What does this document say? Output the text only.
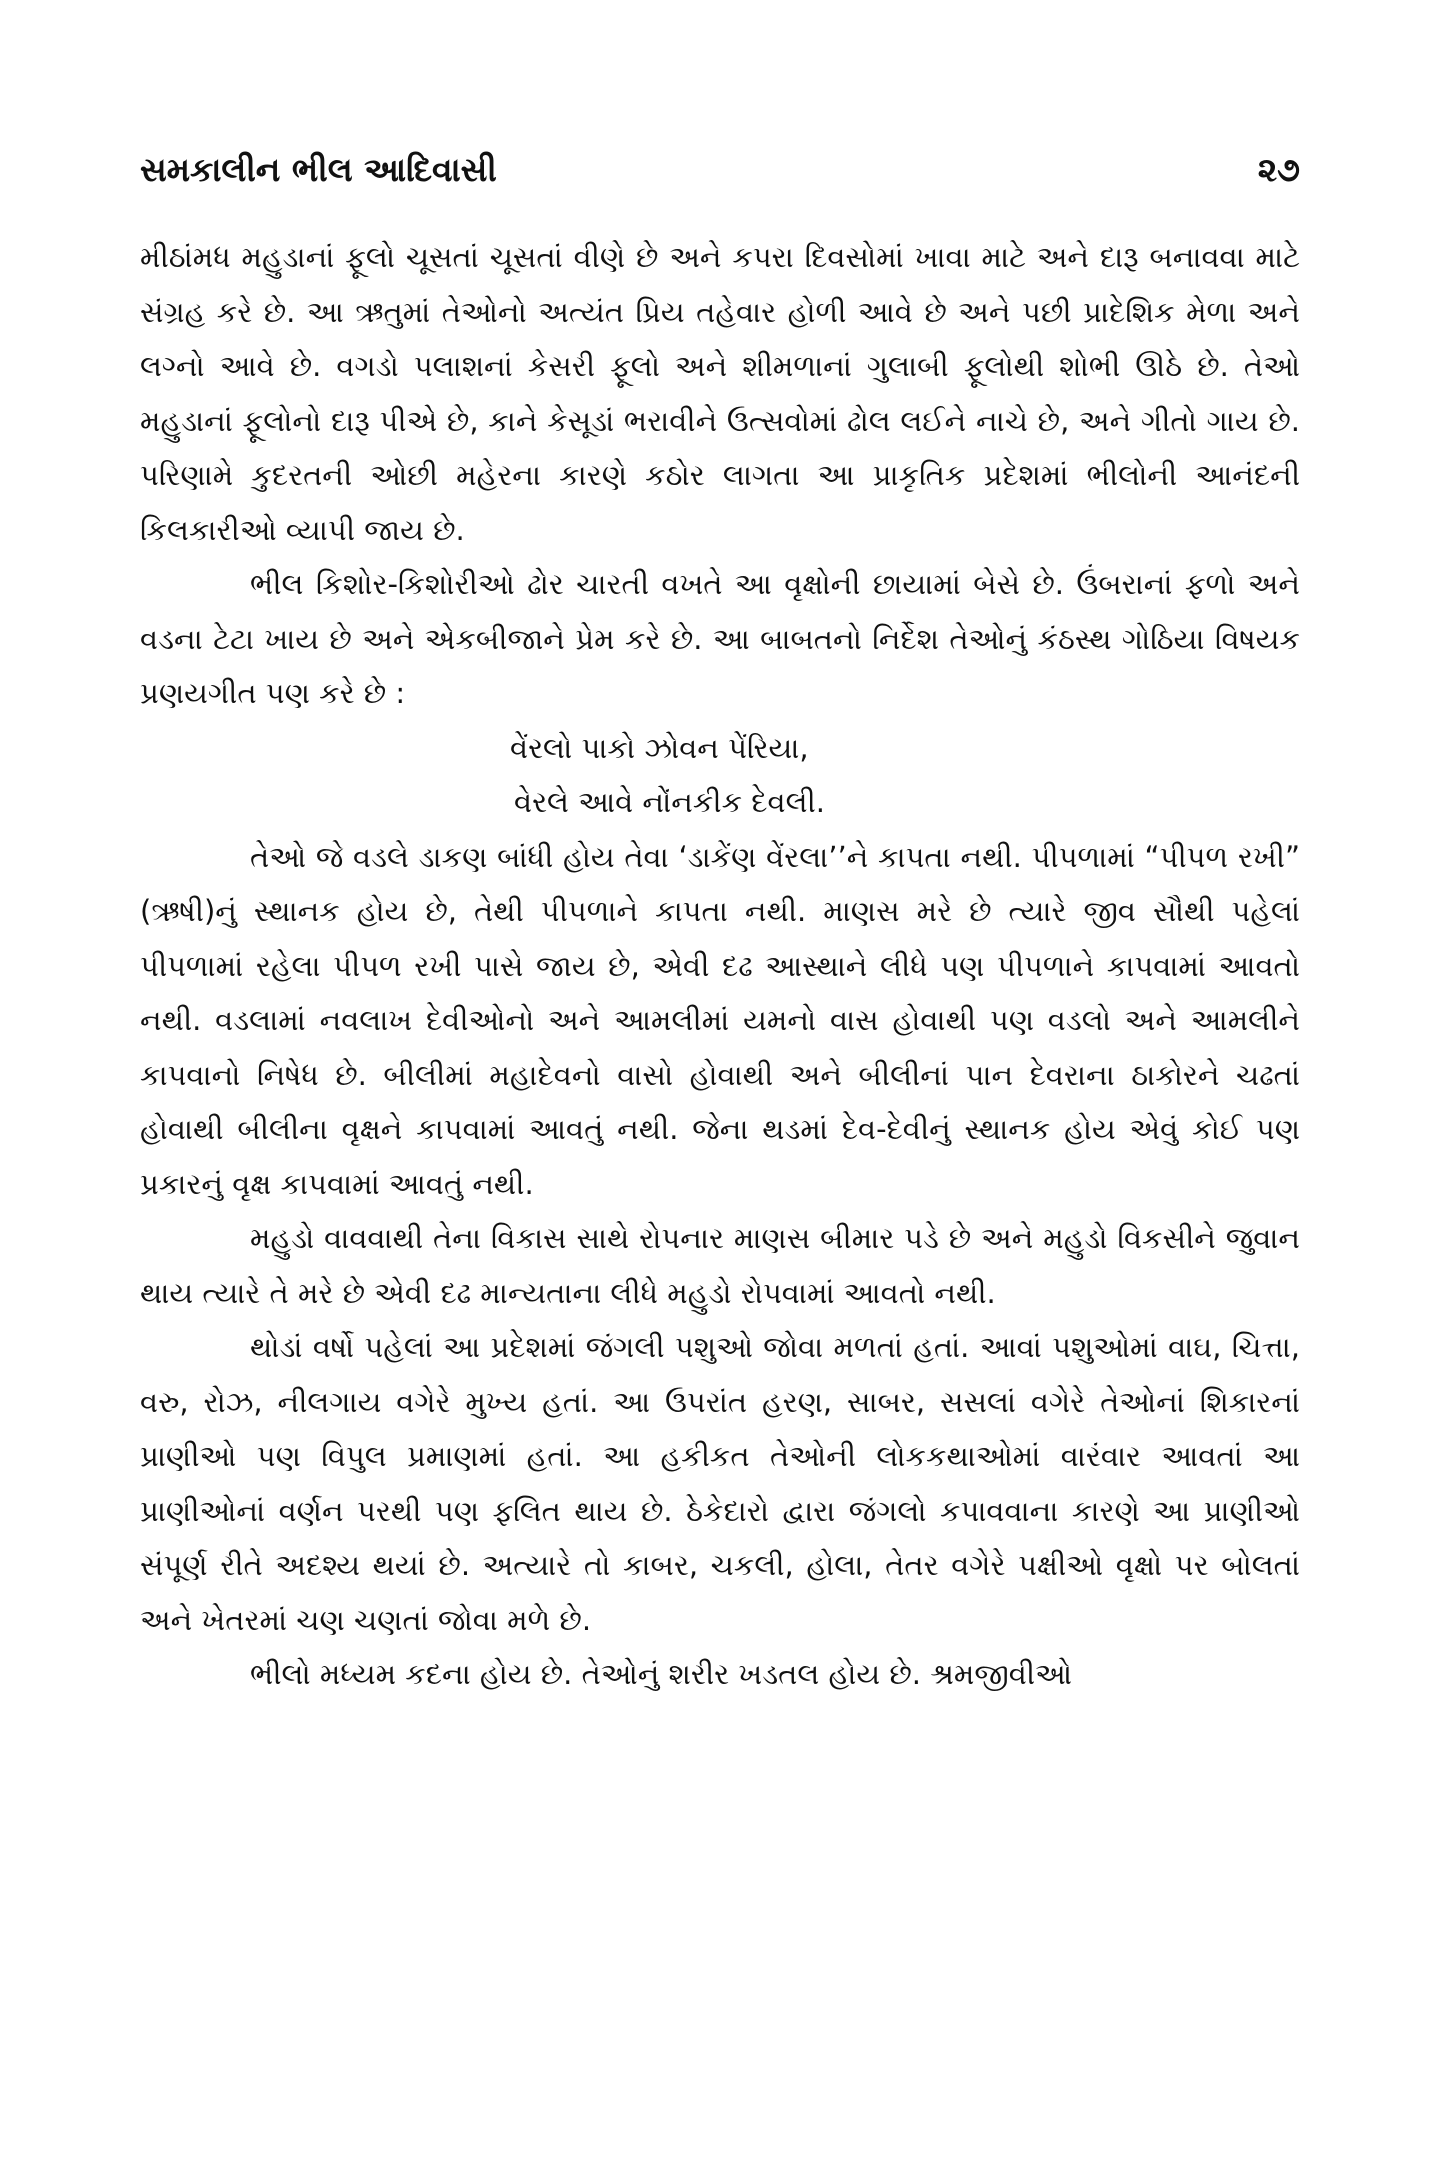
સમકાલીન ભીલ આદિવાસી	૨૭

મીઠાંમધ મહુડાનાં ફૂલો ચૂસતાં ચૂસતાં વીણે છે અને કપરા દિવસોમાં ખાવા માટે અને દારૂ બનાવવા માટે સંગ્રહ કરે છે. આ ઋતુમાં તેઓનો અત્યંત પ્રિય તહેવાર હોળી આવે છે અને પછી પ્રાદેશિક મેળા અને લગ્નો આવે છે. વગડો પલાશનાં કેસરી ફૂલો અને શીમળાનાં ગુલાબી ફૂલોથી શોભી ઊઠે છે. તેઓ મહુડાનાં ફૂલોનો દારૂ પીએ છે, કાને કેસૂડાં ભરાવીને ઉત્સવોમાં ઢોલ લઈને નાચે છે, અને ગીતો ગાય છે. પરિણામે કુદરતની ઓછી મહેરના કારણે કઠોર લાગતા આ પ્રાકૃતિક પ્રદેશમાં ભીલોની આનંદની કિલકારીઓ વ્યાપી જાય છે.

ભીલ કિશોર-કિશોરીઓ ઢોર ચારતી વખતે આ વૃક્ષોની છાયામાં બેસે છે. ઉંબરાનાં ફળો અને વડના ટેટા ખાય છે અને એકબીજાને પ્રેમ કરે છે. આ બાબતનો નિર્દેશ તેઓનું કંઠસ્થ ગોઠિયા વિષયક પ્રણયગીત પણ કરે છે :

વેંરલો પાકો ઝોવન પેંરિયા,
વેરલે આવે નોંનકીક દેવલી.

તેઓ જે વડલે ડાકણ બાંધી હોય તેવા ‘ડાકેંણ વેંરલા’’ને કાપતા નથી. પીપળામાં “પીપળ રખી” (ઋષી)નું સ્થાનક હોય છે, તેથી પીપળાને કાપતા નથી. માણસ મરે છે ત્યારે જીવ સૌથી પહેલાં પીપળામાં રહેલા પીપળ રખી પાસે જાય છે, એવી દઢ આસ્થાને લીધે પણ પીપળાને કાપવામાં આવતો નથી. વડલામાં નવલાખ દેવીઓનો અને આમલીમાં યમનો વાસ હોવાથી પણ વડલો અને આમલીને કાપવાનો નિષેધ છે. બીલીમાં મહાદેવનો વાસો હોવાથી અને બીલીનાં પાન દેવરાના ઠાકોરને ચઢતાં હોવાથી બીલીના વૃક્ષને કાપવામાં આવતું નથી. જેના થડમાં દેવ-દેવીનું સ્થાનક હોય એવું કોઈ પણ પ્રકારનું વૃક્ષ કાપવામાં આવતું નથી.

મહુડો વાવવાથી તેના વિકાસ સાથે રોપનાર માણસ બીમાર પડે છે અને મહુડો વિકસીને જુવાન થાય ત્યારે તે મરે છે એવી દઢ માન્યતાના લીધે મહુડો રોપવામાં આવતો નથી.

થોડાં વર્ષો પહેલાં આ પ્રદેશમાં જંગલી પશુઓ જોવા મળતાં હતાં. આવાં પશુઓમાં વાઘ, ચિત્તા, વરુ, રોઝ, નીલગાય વગેરે મુખ્ય હતાં. આ ઉપરાંત હરણ, સાબર, સસલાં વગેરે તેઓનાં શિકારનાં પ્રાણીઓ પણ વિપુલ પ્રમાણમાં હતાં. આ હકીકત તેઓની લોકકથાઓમાં વારંવાર આવતાં આ પ્રાણીઓનાં વર્ણન પરથી પણ ફલિત થાય છે. ઠેકેદારો દ્વારા જંગલો કપાવવાના કારણે આ પ્રાણીઓ સંપૂર્ણ રીતે અદશ્ય થયાં છે. અત્યારે તો કાબર, ચકલી, હોલા, તેતર વગેરે પક્ષીઓ વૃક્ષો પર બોલતાં અને ખેતરમાં ચણ ચણતાં જોવા મળે છે.

ભીલો મધ્યમ કદના હોય છે. તેઓનું શરીર ખડતલ હોય છે. શ્રમજીવીઓ
